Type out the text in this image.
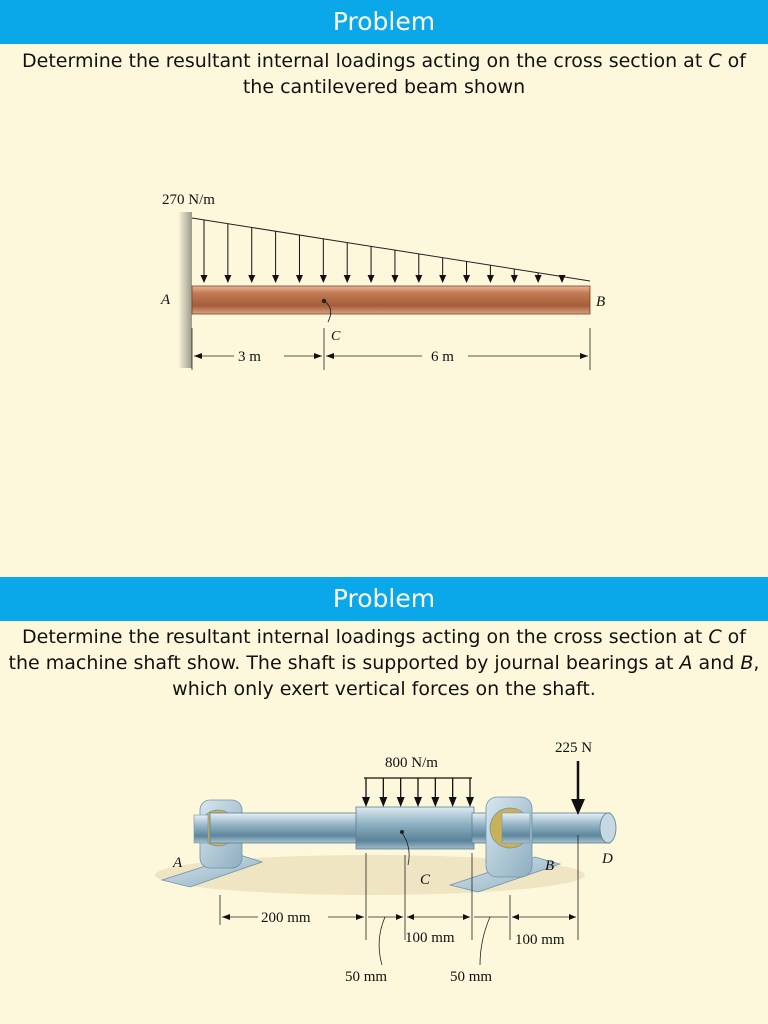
Problem
Determine the resultant internal loadings acting on the cross section at C of the cantilevered beam shown
270 N/m
A	B
C
3 m	6 m
Problem
Determine the resultant internal loadings acting on the cross section at C of the machine shaft show. The shaft is supported by journal bearings at A and B, which only exert vertical forces on the shaft.
225 N
800 N/m
A	B
C
D
200 mm
100 mm	100 mm
50 mm	50 mm
